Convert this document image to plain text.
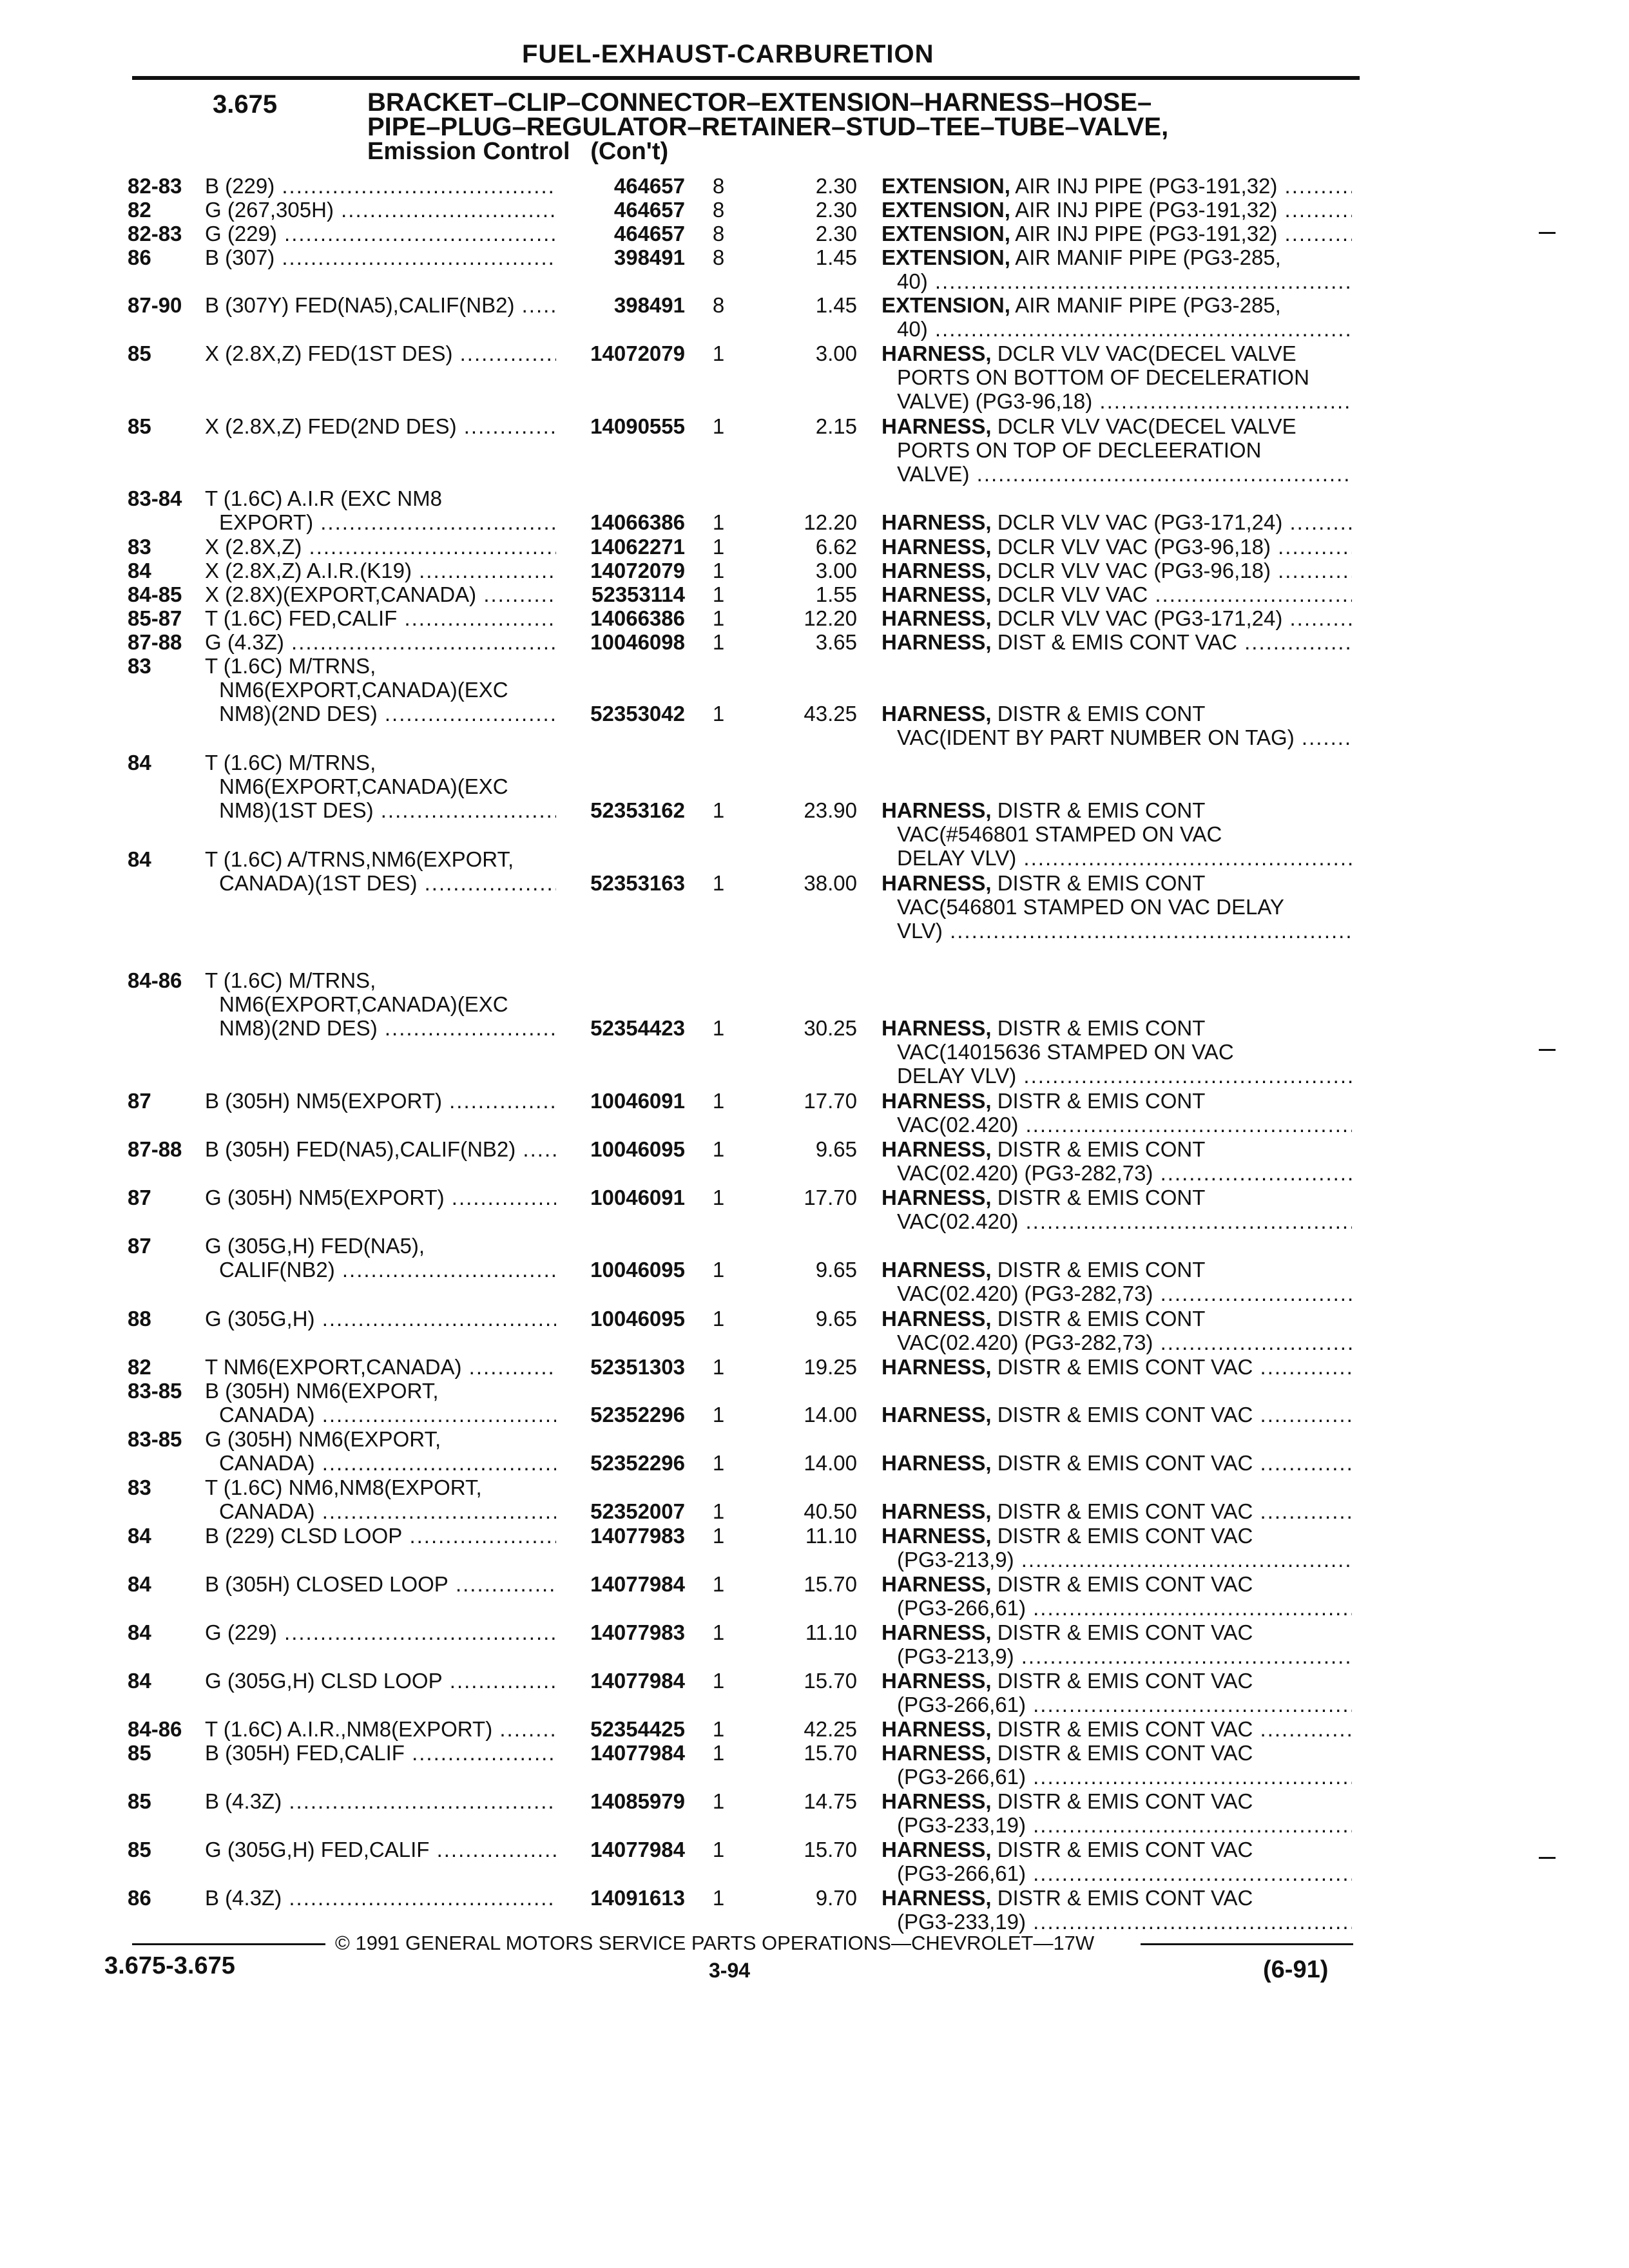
FUEL-EXHAUST-CARBURETION
3.675	BRACKET–CLIP–CONNECTOR–EXTENSION–HARNESS–HOSE–
PIPE–PLUG–REGULATOR–RETAINER–STUD–TEE–TUBE–VALVE,
Emission Control (Con't)
82-83 B (229) .....	464657 8	2.30 EXTENSION, AIR INJ PIPE (PG3-191,32) .....
82	G (267,305H) .....	464657 8	2.30 EXTENSION, AIR INJ PIPE (PG3-191,32) .....
82-83 G (229) .....	464657 8	2.30 EXTENSION, AIR INJ PIPE (PG3-191,32) .....
86	B (307) .....	398491 8	1.45 EXTENSION, AIR MANIF PIPE (PG3-285,
40) .....
87-90 B (307Y) FED(NA5),CALIF(NB2) .....	398491 8	1.45 EXTENSION, AIR MANIF PIPE (PG3-285,
40) .....
85	X (2.8X,Z) FED(1ST DES) .....	14072079 1	3.00 HARNESS, DCLR VLV VAC(DECEL VALVE
PORTS ON BOTTOM OF DECELERATION
VALVE) (PG3-96,18) .....
85	X (2.8X,Z) FED(2ND DES) .....	14090555 1	2.15 HARNESS, DCLR VLV VAC(DECEL VALVE
PORTS ON TOP OF DECLEERATION
VALVE) .....
83-84 T (1.6C) A.I.R (EXC NM8
EXPORT) .....	14066386 1	12.20 HARNESS, DCLR VLV VAC (PG3-171,24) .....
83	X (2.8X,Z) .....	14062271 1	6.62 HARNESS, DCLR VLV VAC (PG3-96,18) .....
84	X (2.8X,Z) A.I.R.(K19) .....	14072079 1	3.00 HARNESS, DCLR VLV VAC (PG3-96,18) .....
84-85 X (2.8X)(EXPORT,CANADA) .....	52353114 1	1.55 HARNESS, DCLR VLV VAC .....
85-87 T (1.6C) FED,CALIF .....	14066386 1	12.20 HARNESS, DCLR VLV VAC (PG3-171,24) .....
87-88 G (4.3Z) .....	10046098 1	3.65 HARNESS, DIST & EMIS CONT VAC .....
83	T (1.6C) M/TRNS,
NM6(EXPORT,CANADA)(EXC
NM8)(2ND DES) .....	52353042 1	43.25 HARNESS, DISTR & EMIS CONT
VAC(IDENT BY PART NUMBER ON TAG) .....
84	T (1.6C) M/TRNS,
NM6(EXPORT,CANADA)(EXC
NM8)(1ST DES) .....	52353162 1	23.90 HARNESS, DISTR & EMIS CONT
VAC(#546801 STAMPED ON VAC
DELAY VLV) .....
84	T (1.6C) A/TRNS,NM6(EXPORT,
CANADA)(1ST DES) .....	52353163 1	38.00 HARNESS, DISTR & EMIS CONT
VAC(546801 STAMPED ON VAC DELAY
VLV) .....
84-86 T (1.6C) M/TRNS,
NM6(EXPORT,CANADA)(EXC
NM8)(2ND DES) .....	52354423 1	30.25 HARNESS, DISTR & EMIS CONT
VAC(14015636 STAMPED ON VAC
DELAY VLV) .....
87	B (305H) NM5(EXPORT) .....	10046091 1	17.70 HARNESS, DISTR & EMIS CONT
VAC(02.420) .....
87-88 B (305H) FED(NA5),CALIF(NB2) .....	10046095 1	9.65 HARNESS, DISTR & EMIS CONT
VAC(02.420) (PG3-282,73) .....
87	G (305H) NM5(EXPORT) .....	10046091 1	17.70 HARNESS, DISTR & EMIS CONT
VAC(02.420) .....
87	G (305G,H) FED(NA5),
CALIF(NB2) .....	10046095 1	9.65 HARNESS, DISTR & EMIS CONT
VAC(02.420) (PG3-282,73) .....
88	G (305G,H) .....	10046095 1	9.65 HARNESS, DISTR & EMIS CONT
VAC(02.420) (PG3-282,73) .....
82	T NM6(EXPORT,CANADA) .....	52351303 1	19.25 HARNESS, DISTR & EMIS CONT VAC .....
83-85 B (305H) NM6(EXPORT,
CANADA) .....	52352296 1	14.00 HARNESS, DISTR & EMIS CONT VAC .....
83-85 G (305H) NM6(EXPORT,
CANADA) .....	52352296 1	14.00 HARNESS, DISTR & EMIS CONT VAC .....
83	T (1.6C) NM6,NM8(EXPORT,
CANADA) .....	52352007 1	40.50 HARNESS, DISTR & EMIS CONT VAC .....
84	B (229) CLSD LOOP .....	14077983 1	11.10 HARNESS, DISTR & EMIS CONT VAC
(PG3-213,9) .....
84	B (305H) CLOSED LOOP .....	14077984 1	15.70 HARNESS, DISTR & EMIS CONT VAC
(PG3-266,61) .....
84	G (229) .....	14077983 1	11.10 HARNESS, DISTR & EMIS CONT VAC
(PG3-213,9) .....
84	G (305G,H) CLSD LOOP .....	14077984 1	15.70 HARNESS, DISTR & EMIS CONT VAC
(PG3-266,61) .....
84-86 T (1.6C) A.I.R.,NM8(EXPORT) .....	52354425 1	42.25 HARNESS, DISTR & EMIS CONT VAC .....
85	B (305H) FED,CALIF .....	14077984 1	15.70 HARNESS, DISTR & EMIS CONT VAC
(PG3-266,61) .....
85	B (4.3Z) .....	14085979 1	14.75 HARNESS, DISTR & EMIS CONT VAC
(PG3-233,19) .....
85	G (305G,H) FED,CALIF .....	14077984 1	15.70 HARNESS, DISTR & EMIS CONT VAC
(PG3-266,61) .....
86	B (4.3Z) .....	14091613 1	9.70 HARNESS, DISTR & EMIS CONT VAC
(PG3-233,19) .....
© 1991 GENERAL MOTORS SERVICE PARTS OPERATIONS—CHEVROLET—17W
3.675-3.675	3-94	(6-91)
